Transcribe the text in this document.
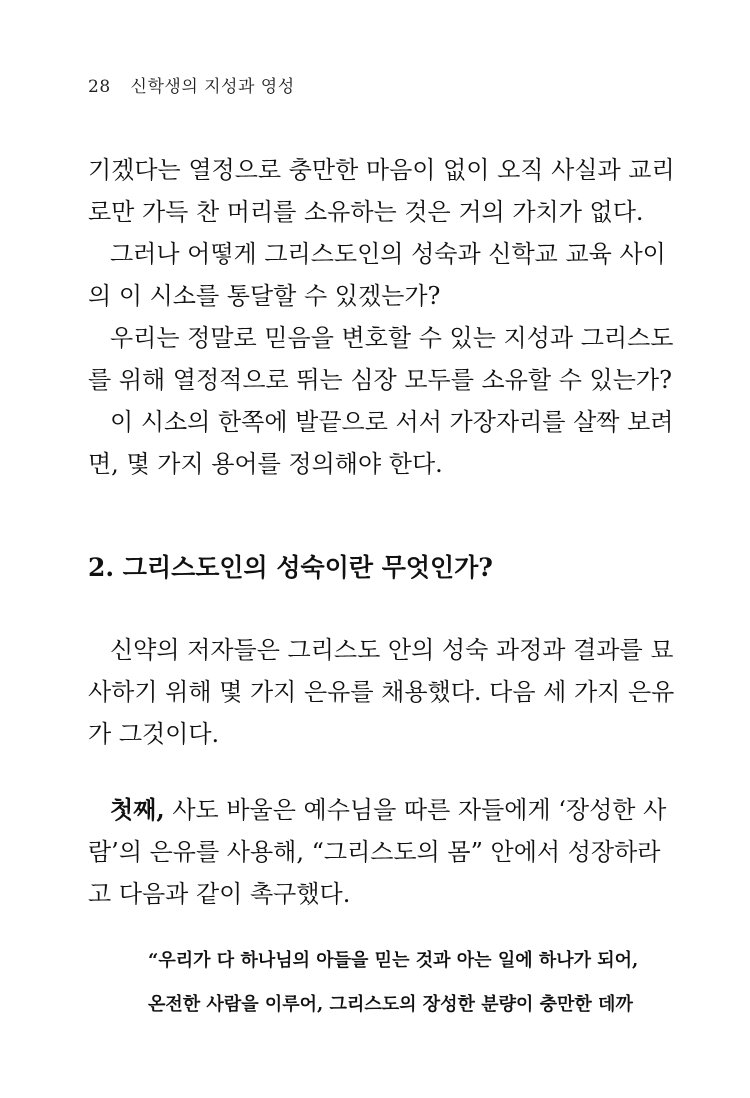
28 신학생의 지성과 영성
기겠다는 열정으로 충만한 마음이 없이 오직 사실과 교리
로만 가득 찬 머리를 소유하는 것은 거의 가치가 없다.
그러나 어떻게 그리스도인의 성숙과 신학교 교육 사이
의 이 시소를 통달할 수 있겠는가?
우리는 정말로 믿음을 변호할 수 있는 지성과 그리스도
를 위해 열정적으로 뛰는 심장 모두를 소유할 수 있는가?
이 시소의 한쪽에 발끝으로 서서 가장자리를 살짝 보려
면, 몇 가지 용어를 정의해야 한다.
2. 그리스도인의 성숙이란 무엇인가?
신약의 저자들은 그리스도 안의 성숙 과정과 결과를 묘
사하기 위해 몇 가지 은유를 채용했다. 다음 세 가지 은유
가 그것이다.
첫째, 사도 바울은 예수님을 따른 자들에게 ‘장성한 사
람’의 은유를 사용해, “그리스도의 몸” 안에서 성장하라
고 다음과 같이 촉구했다.
“우리가 다 하나님의 아들을 믿는 것과 아는 일에 하나가 되어,
온전한 사람을 이루어, 그리스도의 장성한 분량이 충만한 데까
